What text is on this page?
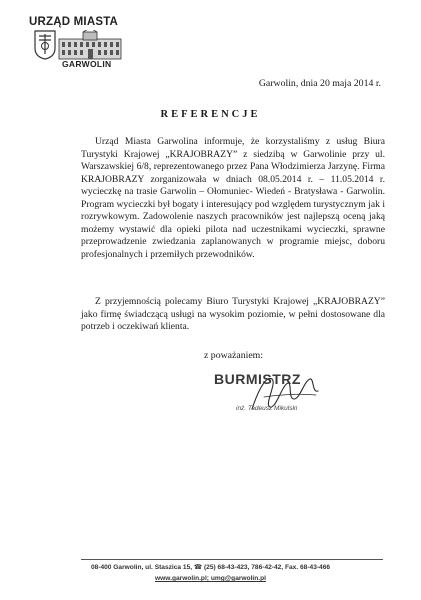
URZĄD MIASTA
GARWOLIN
Garwolin, dnia 20 maja 2014 r.
REFERENCJE

Urząd Miasta Garwolina informuje, że korzystaliśmy z usług Biura Turystyki Krajowej „KRAJOBRAZY” z siedzibą w Garwolinie przy ul. Warszawskiej 6/8, reprezentowanego przez Pana Włodzimierza Jarzynę. Firma KRAJOBRAZY zorganizowała w dniach 08.05.2014 r. – 11.05.2014 r. wycieczkę na trasie Garwolin – Ołomuniec- Wiedeń - Bratysława - Garwolin. Program wycieczki był bogaty i interesujący pod względem turystycznym jak i rozrywkowym. Zadowolenie naszych pracowników jest najlepszą oceną jaką możemy wystawić dla opieki pilota nad uczestnikami wycieczki, sprawne przeprowadzenie zwiedzania zaplanowanych w programie miejsc, doboru profesjonalnych i przemiłych przewodników.

Z przyjemnością polecamy Biuro Turystyki Krajowej „KRAJOBRAZY” jako firmę świadczącą usługi na wysokim poziomie, w pełni dostosowane dla potrzeb i oczekiwań klienta.

z poważaniem:
BURMISTRZ
inż. Tadeusz Mikulski
08-400 Garwolin, ul. Staszica 15, ☎ (25) 68-43-423, 786-42-42, Fax. 68-43-466
www.garwolin.pl; umg@garwolin.pl
